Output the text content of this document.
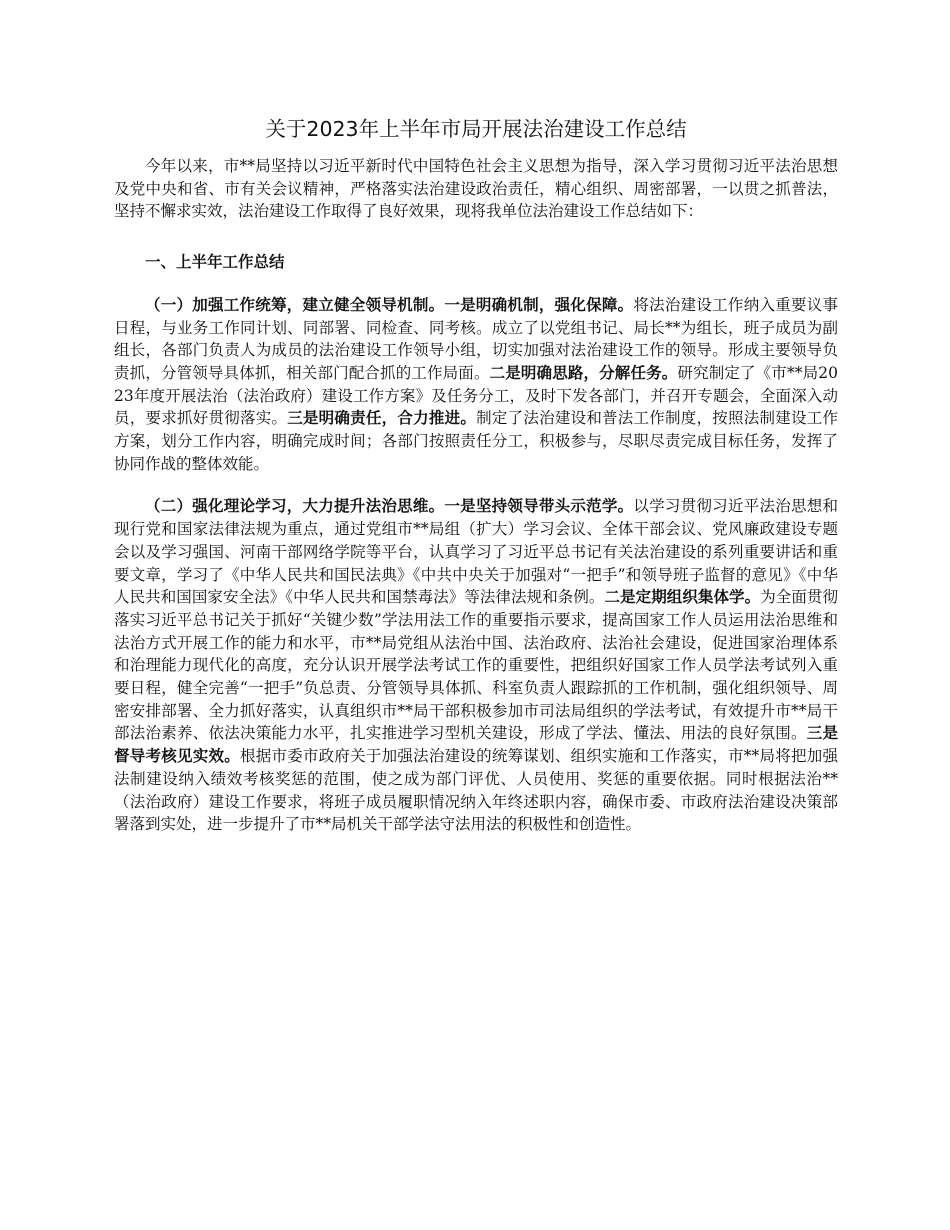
关于2023年上半年市局开展法治建设工作总结

今年以来，市**局坚持以习近平新时代中国特色社会主义思想为指导，深入学习贯彻习近平法治思想及党中央和省、市有关会议精神，严格落实法治建设政治责任，精心组织、周密部署，一以贯之抓普法，坚持不懈求实效，法治建设工作取得了良好效果，现将我单位法治建设工作总结如下：

一、上半年工作总结

（一）加强工作统筹，建立健全领导机制。一是明确机制，强化保障。将法治建设工作纳入重要议事日程，与业务工作同计划、同部署、同检查、同考核。成立了以党组书记、局长**为组长，班子成员为副组长，各部门负责人为成员的法治建设工作领导小组，切实加强对法治建设工作的领导。形成主要领导负责抓，分管领导具体抓，相关部门配合抓的工作局面。二是明确思路，分解任务。研究制定了《市**局2023年度开展法治（法治政府）建设工作方案》及任务分工，及时下发各部门，并召开专题会，全面深入动员，要求抓好贯彻落实。三是明确责任，合力推进。制定了法治建设和普法工作制度，按照法制建设工作方案，划分工作内容，明确完成时间；各部门按照责任分工，积极参与，尽职尽责完成目标任务，发挥了协同作战的整体效能。

（二）强化理论学习，大力提升法治思维。一是坚持领导带头示范学。以学习贯彻习近平法治思想和现行党和国家法律法规为重点，通过党组市**局组（扩大）学习会议、全体干部会议、党风廉政建设专题会以及学习强国、河南干部网络学院等平台，认真学习了习近平总书记有关法治建设的系列重要讲话和重要文章，学习了《中华人民共和国民法典》《中共中央关于加强对“一把手”和领导班子监督的意见》《中华人民共和国国家安全法》《中华人民共和国禁毒法》等法律法规和条例。二是定期组织集体学。为全面贯彻落实习近平总书记关于抓好“关键少数”学法用法工作的重要指示要求，提高国家工作人员运用法治思维和法治方式开展工作的能力和水平，市**局党组从法治中国、法治政府、法治社会建设，促进国家治理体系和治理能力现代化的高度，充分认识开展学法考试工作的重要性，把组织好国家工作人员学法考试列入重要日程，健全完善“一把手”负总责、分管领导具体抓、科室负责人跟踪抓的工作机制，强化组织领导、周密安排部署、全力抓好落实，认真组织市**局干部积极参加市司法局组织的学法考试，有效提升市**局干部法治素养、依法决策能力水平，扎实推进学习型机关建设，形成了学法、懂法、用法的良好氛围。三是督导考核见实效。根据市委市政府关于加强法治建设的统筹谋划、组织实施和工作落实，市**局将把加强法制建设纳入绩效考核奖惩的范围，使之成为部门评优、人员使用、奖惩的重要依据。同时根据法治**（法治政府）建设工作要求，将班子成员履职情况纳入年终述职内容，确保市委、市政府法治建设决策部署落到实处，进一步提升了市**局机关干部学法守法用法的积极性和创造性。
